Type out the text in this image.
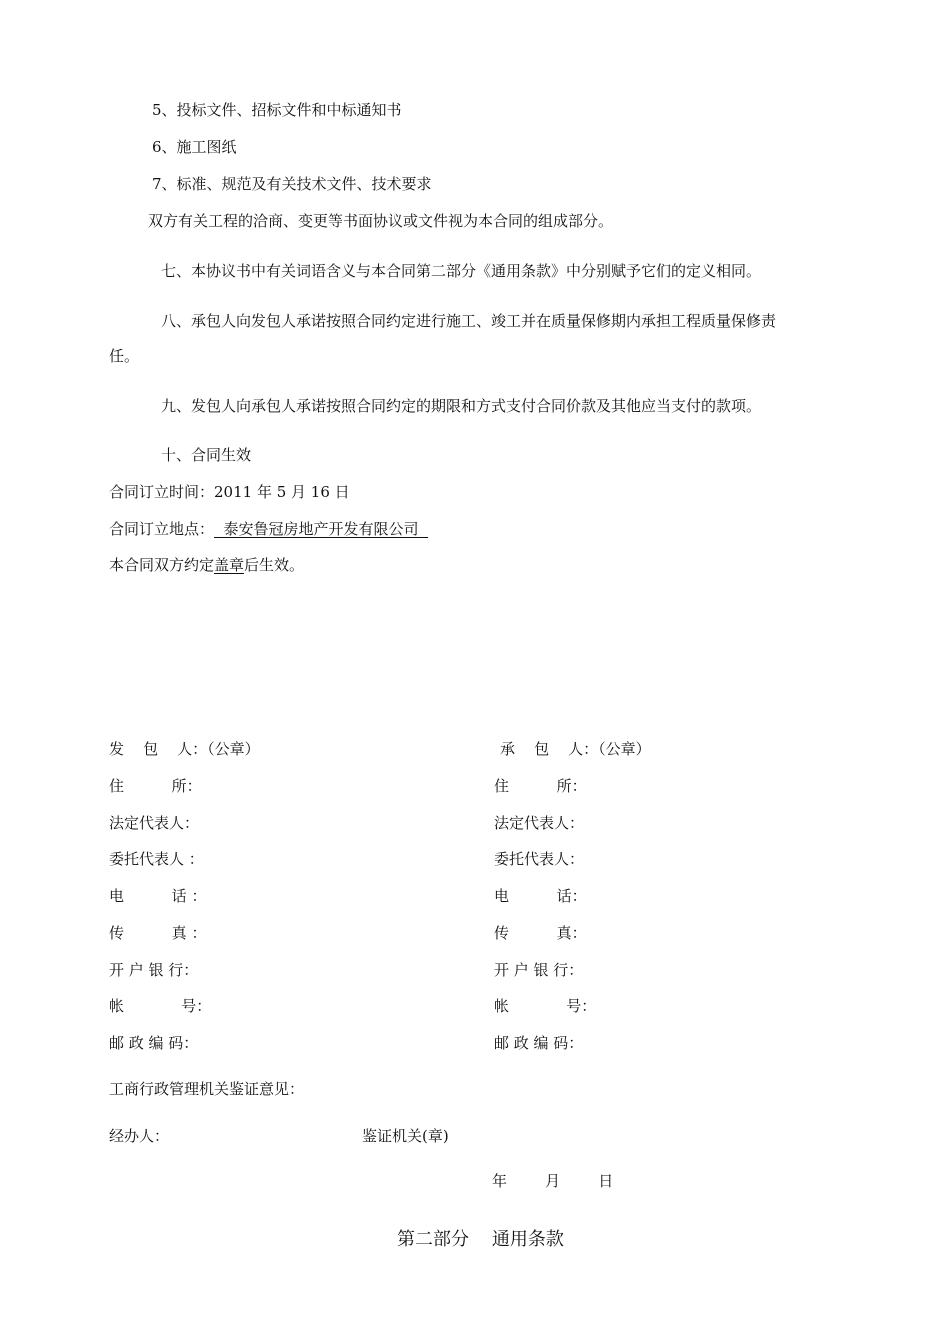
5、投标文件、招标文件和中标通知书
6、施工图纸
7、标准、规范及有关技术文件、技术要求
双方有关工程的洽商、变更等书面协议或文件视为本合同的组成部分。
七、本协议书中有关词语含义与本合同第二部分《通用条款》中分别赋予它们的定义相同。
八、承包人向发包人承诺按照合同约定进行施工、竣工并在质量保修期内承担工程质量保修责
任。
九、发包人向承包人承诺按照合同约定的期限和方式支付合同价款及其他应当支付的款项。
十、合同生效
合同订立时间：2011 年 5 月 16 日
合同订立地点：  泰安鲁冠房地产开发有限公司
本合同双方约定盖章后生效。
发    包    人：（公章）
住          所：
法定代表人：
委托代表人 ：
电          话 ：
传          真 ：
开 户 银 行：
帐            号：
邮 政 编 码：
承    包    人：（公章）
住          所：
法定代表人：
委托代表人：
电          话：
传          真：
开 户 银 行：
帐            号：
邮 政 编 码：
工商行政管理机关鉴证意见：
经办人：	鉴证机关(章)
年        月        日
第二部分    通用条款
